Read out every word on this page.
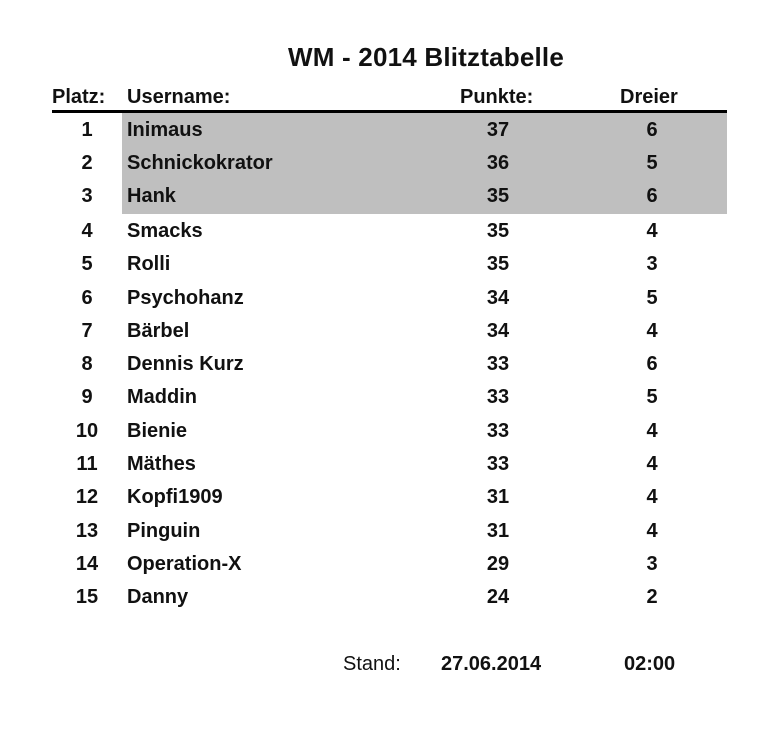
WM - 2014 Blitztabelle
Platz: Username:	Punkte:	Dreier
1	Inimaus	37	6
2	Schnickokrator	36	5
3	Hank	35	6
4	Smacks	35	4
5	Rolli	35	3
6	Psychohanz	34	5
7	Bärbel	34	4
8	Dennis Kurz	33	6
9	Maddin	33	5
10	Bienie	33	4
11	Mäthes	33	4
12	Kopfi1909	31	4
13	Pinguin	31	4
14	Operation-X	29	3
15	Danny	24	2
Stand: 27.06.2014	02:00
